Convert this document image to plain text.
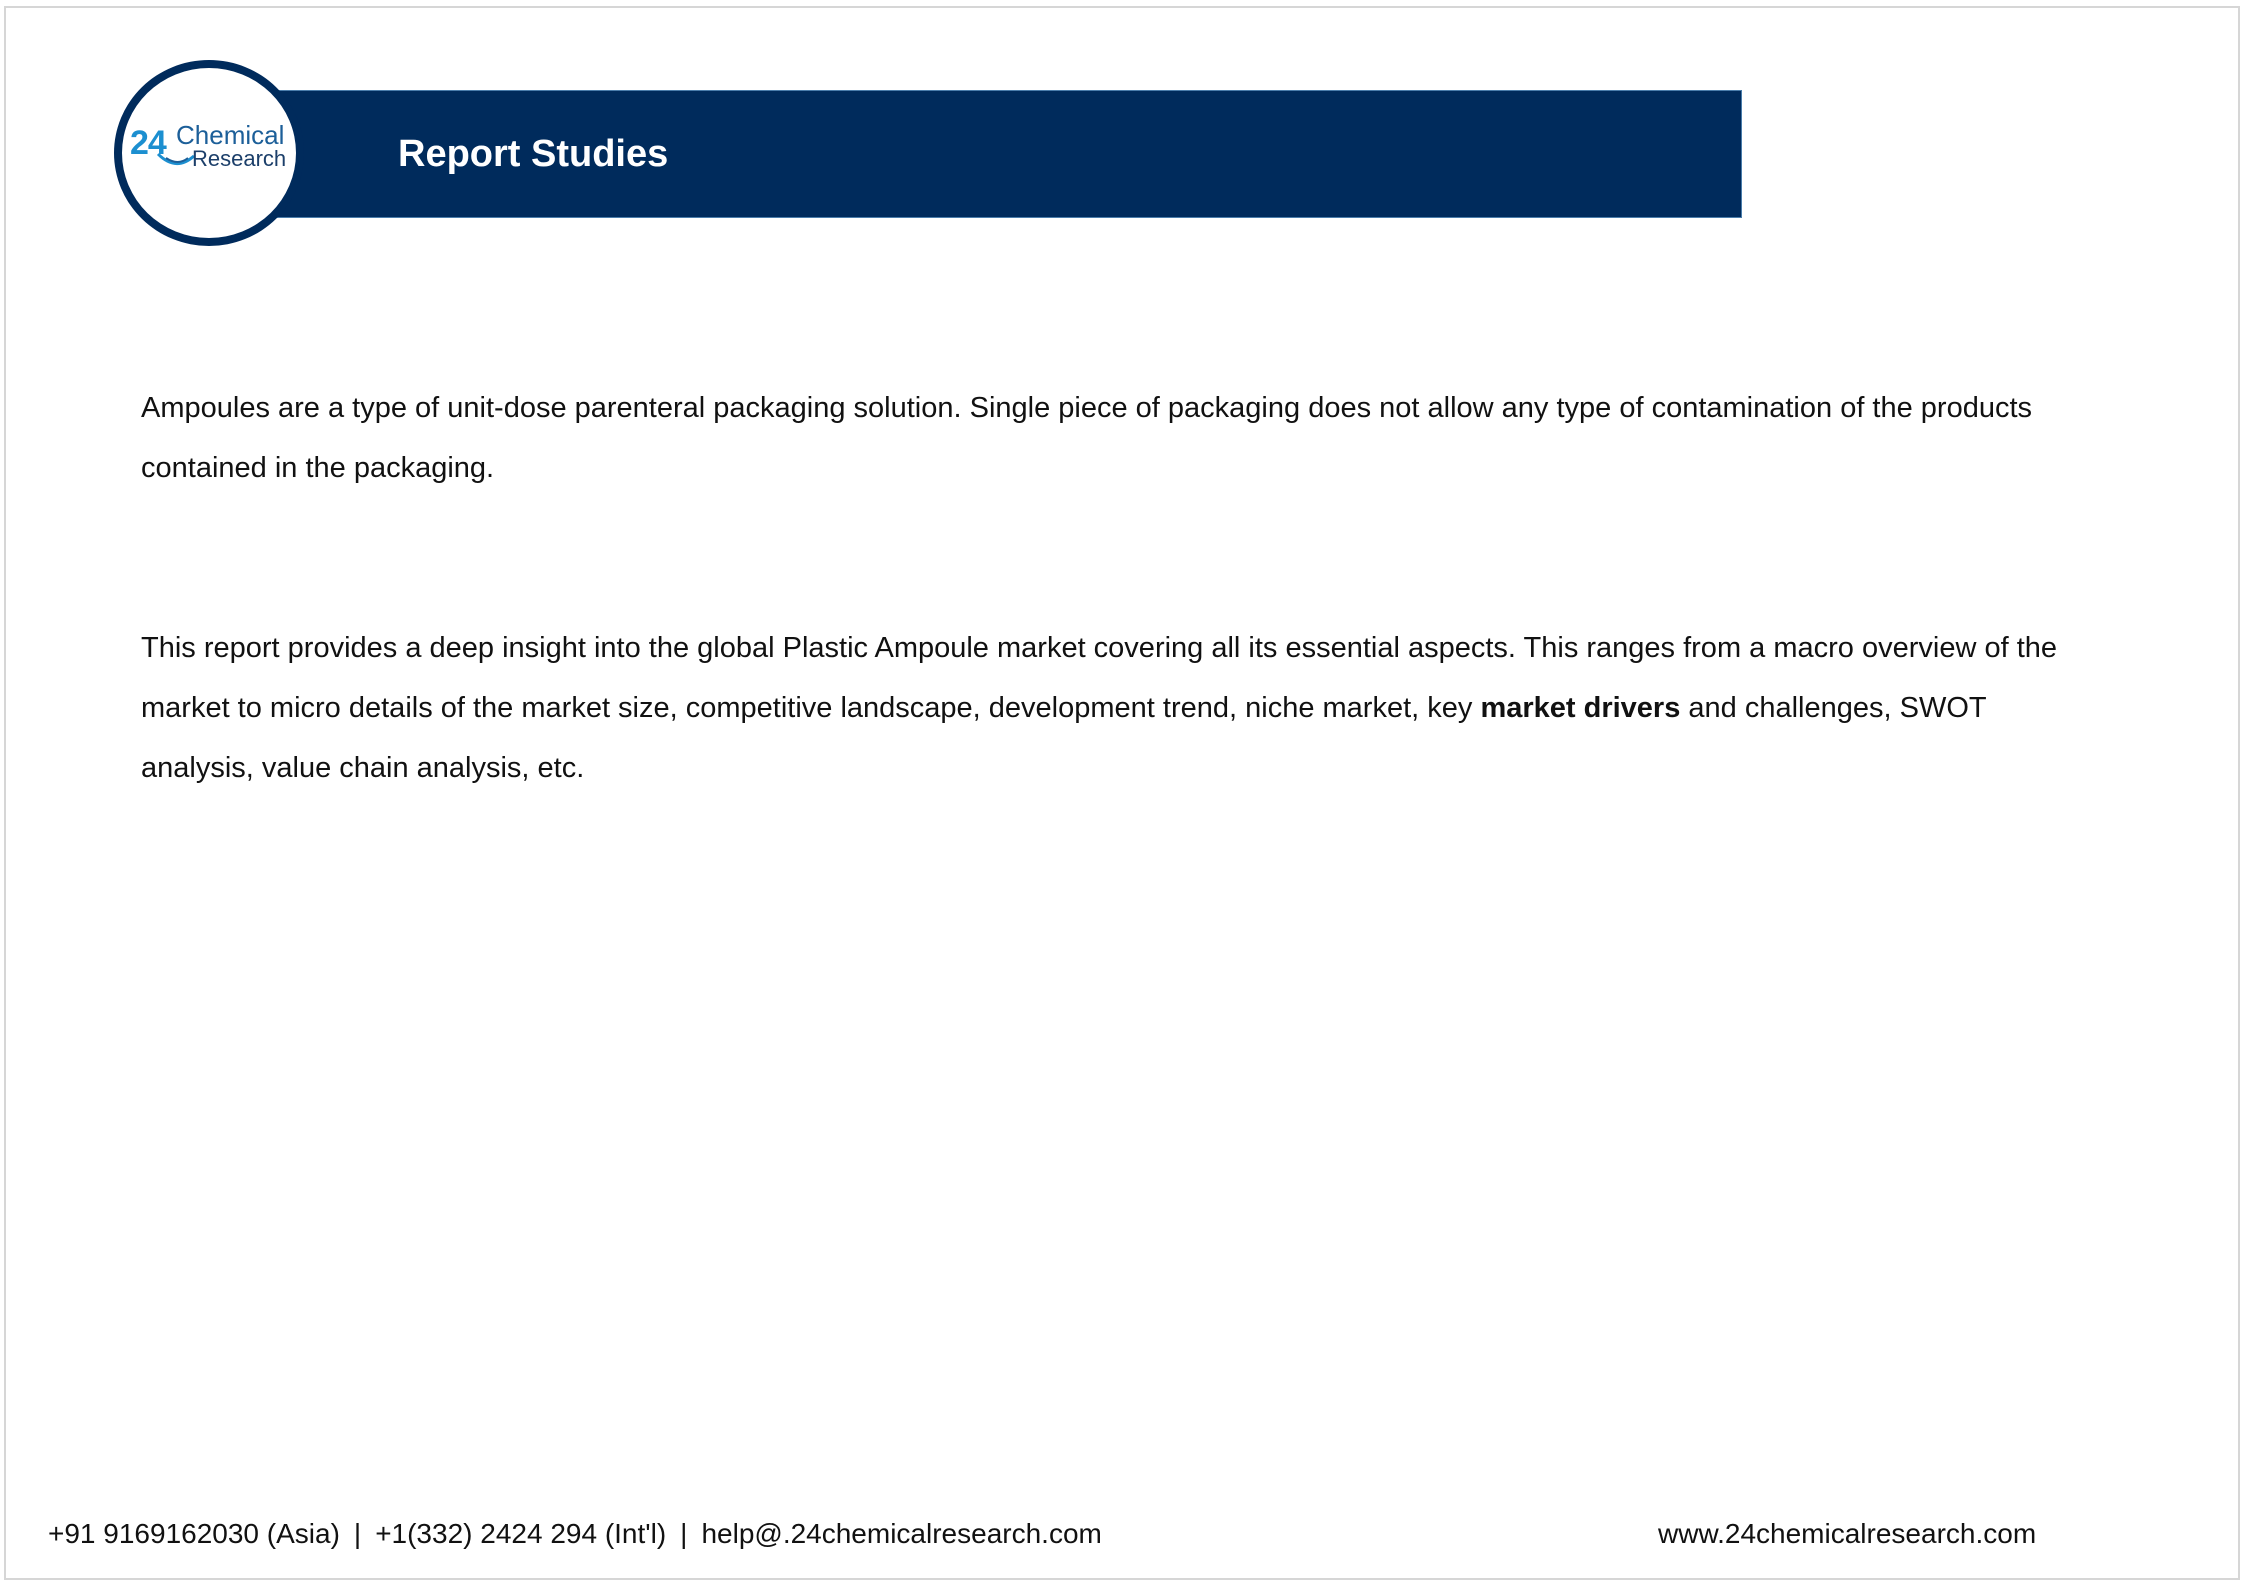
Report Studies
24 Chemical
Research

Ampoules are a type of unit-dose parenteral packaging solution. Single piece of packaging does not allow any type of contamination of the products contained in the packaging.

This report provides a deep insight into the global Plastic Ampoule market covering all its essential aspects. This ranges from a macro overview of the market to micro details of the market size, competitive landscape, development trend, niche market, key market drivers and challenges, SWOT analysis, value chain analysis, etc.

+91 9169162030 (Asia) | +1(332) 2424 294 (Int'l) | help@.24chemicalresearch.com	www.24chemicalresearch.com
